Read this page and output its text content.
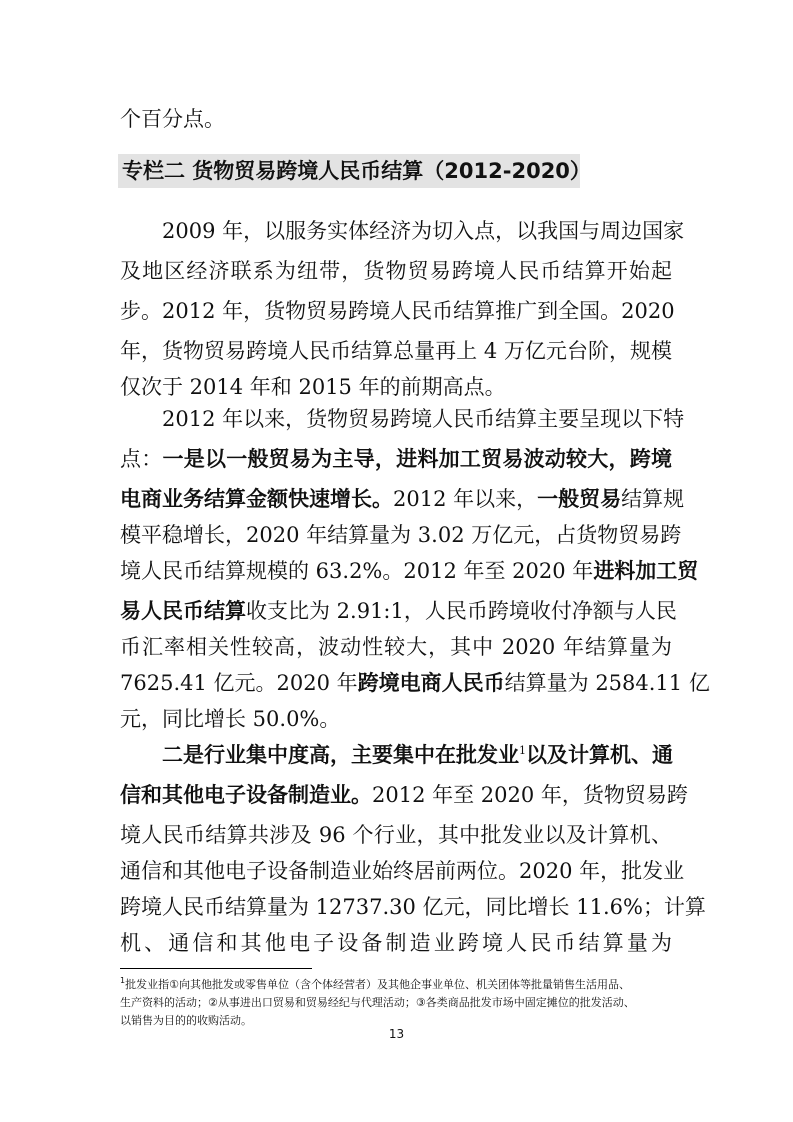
个百分点。
专栏二 货物贸易跨境人民币结算（2012-2020）
2009 年，以服务实体经济为切入点，以我国与周边国家
及地区经济联系为纽带，货物贸易跨境人民币结算开始起
步。2012 年，货物贸易跨境人民币结算推广到全国。2020
年，货物贸易跨境人民币结算总量再上 4 万亿元台阶，规模
仅次于 2014 年和 2015 年的前期高点。
2012 年以来，货物贸易跨境人民币结算主要呈现以下特
点：一是以一般贸易为主导，进料加工贸易波动较大，跨境
电商业务结算金额快速增长。2012 年以来，一般贸易结算规
模平稳增长，2020 年结算量为 3.02 万亿元，占货物贸易跨
境人民币结算规模的 63.2%。2012 年至 2020 年进料加工贸
易人民币结算收支比为 2.91:1，人民币跨境收付净额与人民
币汇率相关性较高，波动性较大，其中 2020 年结算量为
7625.41 亿元。2020 年跨境电商人民币结算量为 2584.11 亿
元，同比增长 50.0%。
二是行业集中度高，主要集中在批发业$^1$以及计算机、通
信和其他电子设备制造业。2012 年至 2020 年，货物贸易跨
境人民币结算共涉及 96 个行业，其中批发业以及计算机、
通信和其他电子设备制造业始终居前两位。2020 年，批发业
跨境人民币结算量为 12737.30 亿元，同比增长 11.6%；计算
机、通信和其他电子设备制造业跨境人民币结算量为
$^1$批发业指①向其他批发或零售单位（含个体经营者）及其他企事业单位、机关团体等批量销售生活用品、
生产资料的活动；②从事进出口贸易和贸易经纪与代理活动；③各类商品批发市场中固定摊位的批发活动、
以销售为目的的收购活动。
13
